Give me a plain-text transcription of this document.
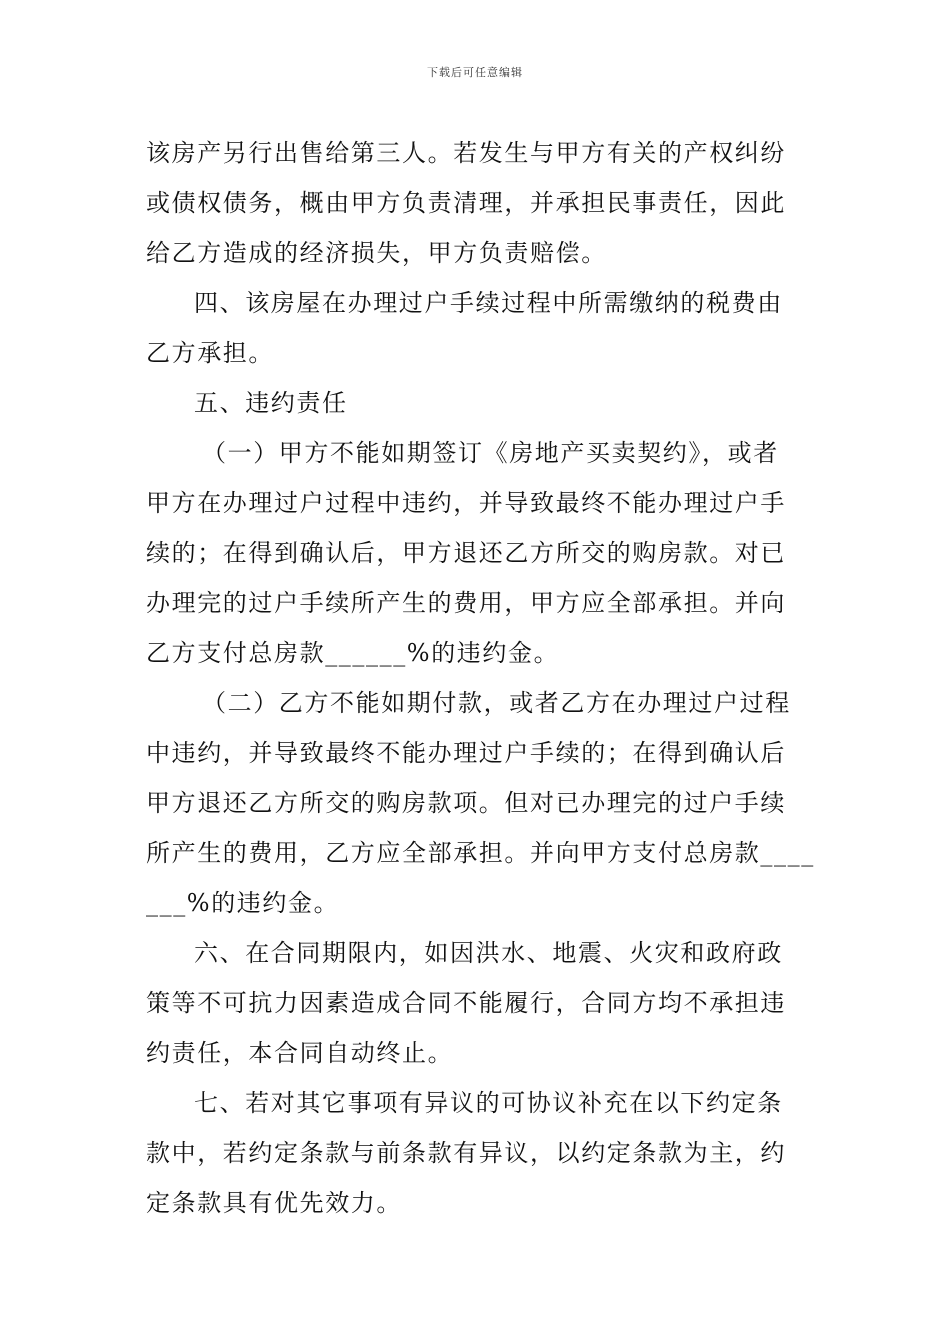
下载后可任意编辑
该房产另行出售给第三人。若发生与甲方有关的产权纠纷
或债权债务，概由甲方负责清理，并承担民事责任，因此
给乙方造成的经济损失，甲方负责赔偿。
四、该房屋在办理过户手续过程中所需缴纳的税费由
乙方承担。
五、违约责任
（一）甲方不能如期签订《房地产买卖契约》，或者
甲方在办理过户过程中违约，并导致最终不能办理过户手
续的；在得到确认后，甲方退还乙方所交的购房款。对已
办理完的过户手续所产生的费用，甲方应全部承担。并向
乙方支付总房款______%的违约金。
（二）乙方不能如期付款，或者乙方在办理过户过程
中违约，并导致最终不能办理过户手续的；在得到确认后
甲方退还乙方所交的购房款项。但对已办理完的过户手续
所产生的费用，乙方应全部承担。并向甲方支付总房款____
___%的违约金。
六、在合同期限内，如因洪水、地震、火灾和政府政
策等不可抗力因素造成合同不能履行，合同方均不承担违
约责任，本合同自动终止。
七、若对其它事项有异议的可协议补充在以下约定条
款中，若约定条款与前条款有异议，以约定条款为主，约
定条款具有优先效力。
